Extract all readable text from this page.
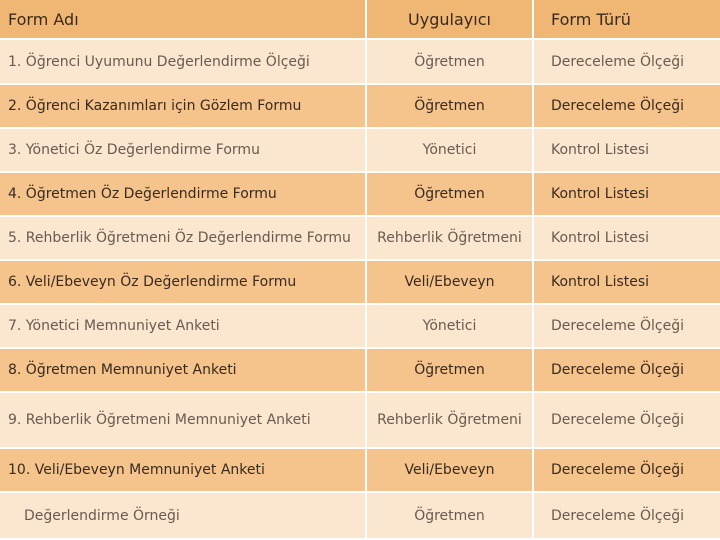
Form Adı	Uygulayıcı	Form Türü
1. Öğrenci Uyumunu Değerlendirme Ölçeği	Öğretmen	Dereceleme Ölçeği
2. Öğrenci Kazanımları için Gözlem Formu	Öğretmen	Dereceleme Ölçeği
3. Yönetici Öz Değerlendirme Formu	Yönetici	Kontrol Listesi
4. Öğretmen Öz Değerlendirme Formu	Öğretmen	Kontrol Listesi
5. Rehberlik Öğretmeni Öz Değerlendirme Formu	Rehberlik Öğretmeni	Kontrol Listesi
6. Veli/Ebeveyn Öz Değerlendirme Formu	Veli/Ebeveyn	Kontrol Listesi
7. Yönetici Memnuniyet Anketi	Yönetici	Dereceleme Ölçeği
8. Öğretmen Memnuniyet Anketi	Öğretmen	Dereceleme Ölçeği
9. Rehberlik Öğretmeni Memnuniyet Anketi	Rehberlik Öğretmeni	Dereceleme Ölçeği
10. Veli/Ebeveyn Memnuniyet Anketi	Veli/Ebeveyn	Dereceleme Ölçeği
Değerlendirme Örneği	Öğretmen	Dereceleme Ölçeği
